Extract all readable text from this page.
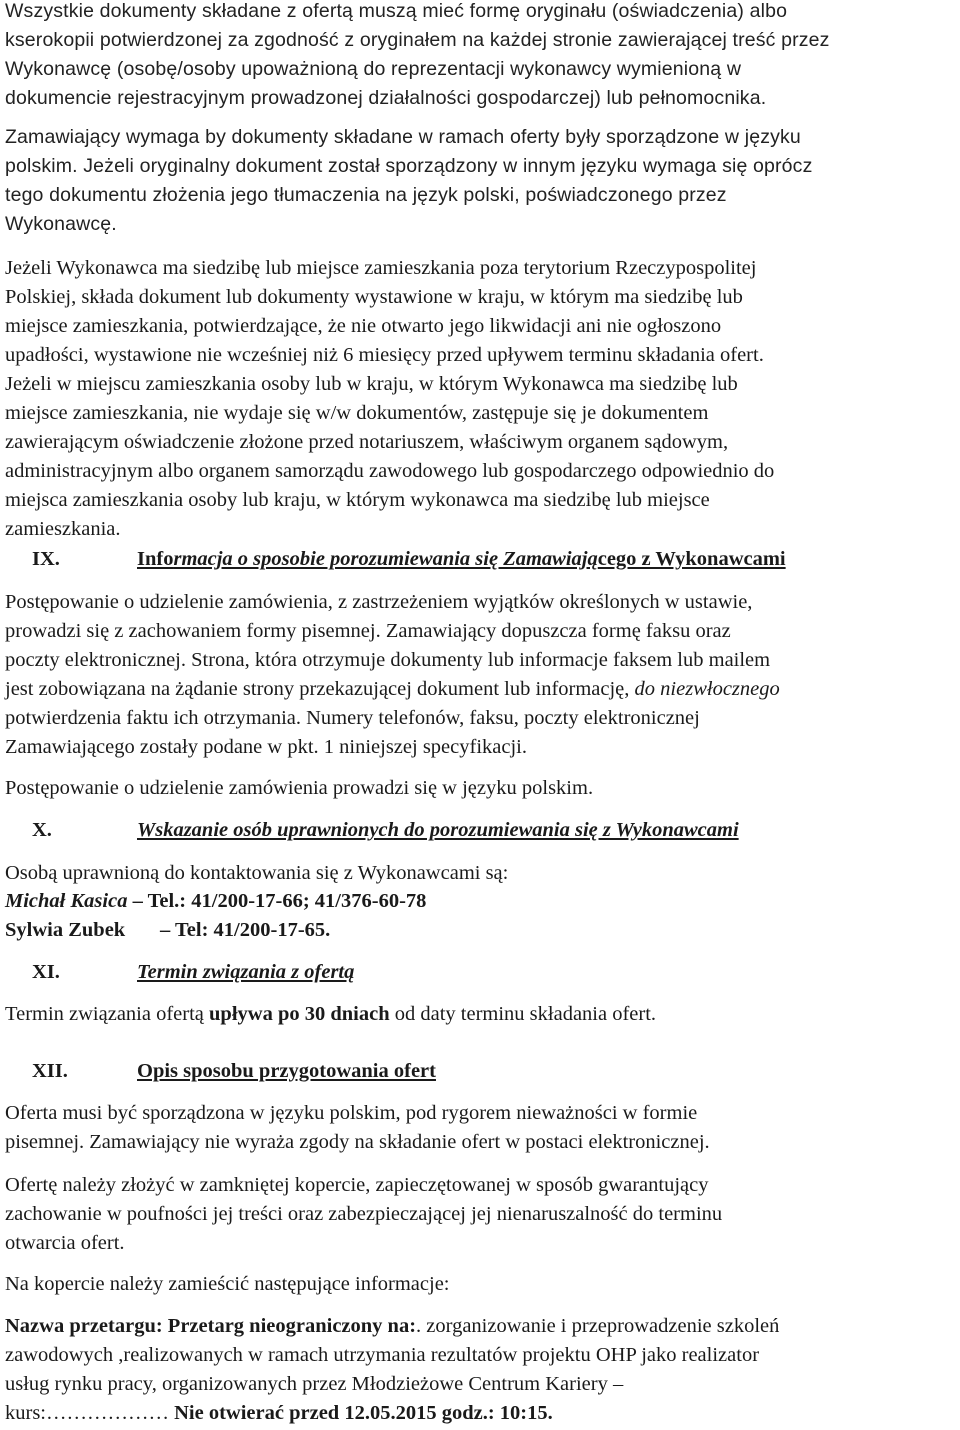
Wszystkie dokumenty składane z ofertą muszą mieć formę oryginału (oświadczenia) albo
kserokopii potwierdzonej za zgodność z oryginałem na każdej stronie zawierającej treść przez
Wykonawcę (osobę/osoby upoważnioną do reprezentacji wykonawcy wymienioną w
dokumencie rejestracyjnym prowadzonej działalności gospodarczej) lub pełnomocnika.
Zamawiający wymaga by dokumenty składane w ramach oferty były sporządzone w języku
polskim. Jeżeli oryginalny dokument został sporządzony w innym języku wymaga się oprócz
tego dokumentu złożenia jego tłumaczenia na język polski, poświadczonego przez
Wykonawcę.
Jeżeli Wykonawca ma siedzibę lub miejsce zamieszkania poza terytorium Rzeczypospolitej
Polskiej, składa dokument lub dokumenty wystawione w kraju, w którym ma siedzibę lub
miejsce zamieszkania, potwierdzające, że nie otwarto jego likwidacji ani nie ogłoszono
upadłości, wystawione nie wcześniej niż 6 miesięcy przed upływem terminu składania ofert.
Jeżeli w miejscu zamieszkania osoby lub w kraju, w którym Wykonawca ma siedzibę lub
miejsce zamieszkania, nie wydaje się w/w dokumentów, zastępuje się je dokumentem
zawierającym oświadczenie złożone przed notariuszem, właściwym organem sądowym,
administracyjnym albo organem samorządu zawodowego lub gospodarczego odpowiednio do
miejsca zamieszkania osoby lub kraju, w którym wykonawca ma siedzibę lub miejsce
zamieszkania.
IX.	Informacja o sposobie porozumiewania się Zamawiającego z Wykonawcami
Postępowanie o udzielenie zamówienia, z zastrzeżeniem wyjątków określonych w ustawie,
prowadzi się z zachowaniem formy pisemnej. Zamawiający dopuszcza formę faksu oraz
poczty elektronicznej. Strona, która otrzymuje dokumenty lub informacje faksem lub mailem
jest zobowiązana na żądanie strony przekazującej dokument lub informację, do niezwłocznego
potwierdzenia faktu ich otrzymania. Numery telefonów, faksu, poczty elektronicznej
Zamawiającego zostały podane w pkt. 1 niniejszej specyfikacji.
Postępowanie o udzielenie zamówienia prowadzi się w języku polskim.
X.	Wskazanie osób uprawnionych do porozumiewania się z Wykonawcami
Osobą uprawnioną do kontaktowania się z Wykonawcami są:
Michał Kasica – Tel.: 41/200-17-66; 41/376-60-78
Sylwia Zubek – Tel: 41/200-17-65.
XI.	Termin związania z ofertą
Termin związania ofertą upływa po 30 dniach od daty terminu składania ofert.
XII.	Opis sposobu przygotowania ofert
Oferta musi być sporządzona w języku polskim, pod rygorem nieważności w formie
pisemnej. Zamawiający nie wyraża zgody na składanie ofert w postaci elektronicznej.
Ofertę należy złożyć w zamkniętej kopercie, zapieczętowanej w sposób gwarantujący
zachowanie w poufności jej treści oraz zabezpieczającej jej nienaruszalność do terminu
otwarcia ofert.
Na kopercie należy zamieścić następujące informacje:
Nazwa przetargu: Przetarg nieograniczony na:. zorganizowanie i przeprowadzenie szkoleń
zawodowych ,realizowanych w ramach utrzymania rezultatów projektu OHP jako realizator
usług rynku pracy, organizowanych przez Młodzieżowe Centrum Kariery –
kurs:……………… Nie otwierać przed 12.05.2015 godz.: 10:15.
